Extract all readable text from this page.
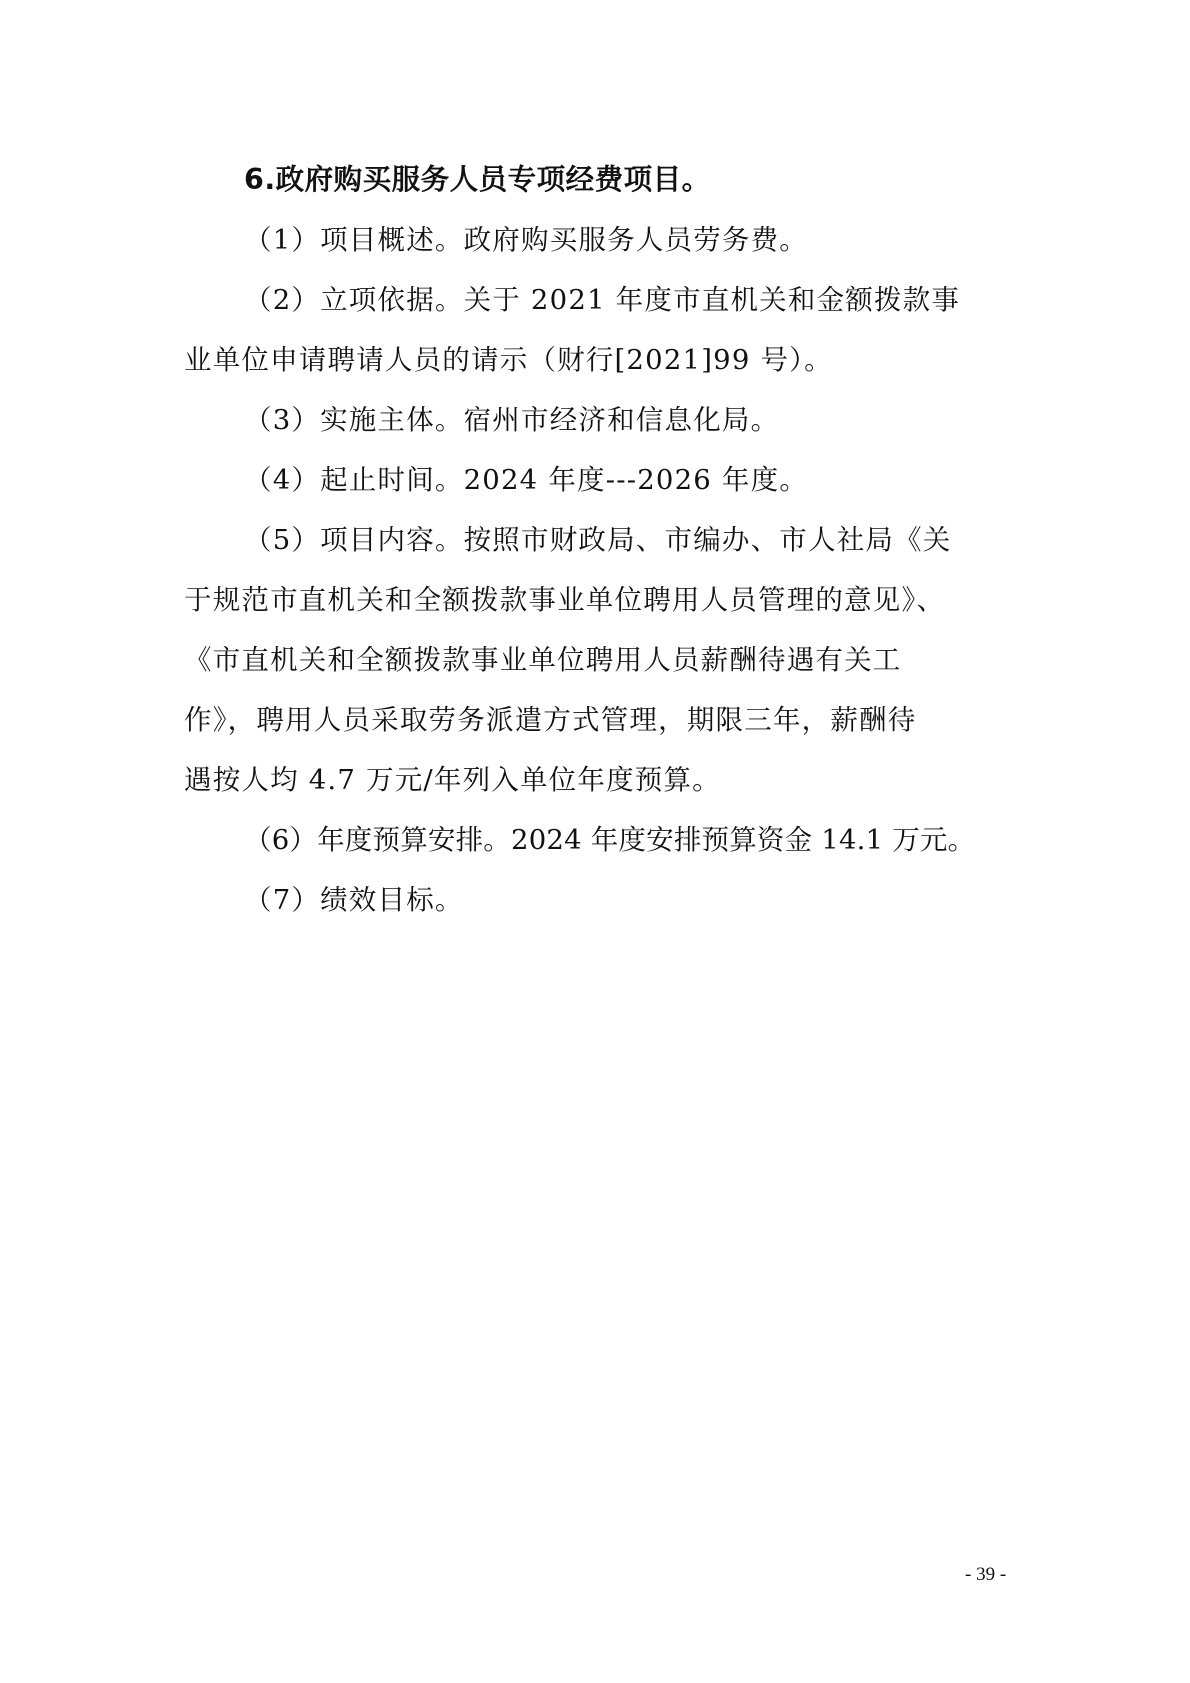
6.政府购买服务人员专项经费项目。

（1）项目概述。政府购买服务人员劳务费。

（2）立项依据。关于 2021 年度市直机关和金额拨款事
业单位申请聘请人员的请示（财行[2021]99 号）。

（3）实施主体。宿州市经济和信息化局。

（4）起止时间。2024 年度---2026 年度。

（5）项目内容。按照市财政局、市编办、市人社局《关
于规范市直机关和全额拨款事业单位聘用人员管理的意见》、
《市直机关和全额拨款事业单位聘用人员薪酬待遇有关工
作》，聘用人员采取劳务派遣方式管理，期限三年，薪酬待
遇按人均 4.7 万元/年列入单位年度预算。

（6）年度预算安排。2024 年度安排预算资金 14.1 万元。

（7）绩效目标。

- 39 -
